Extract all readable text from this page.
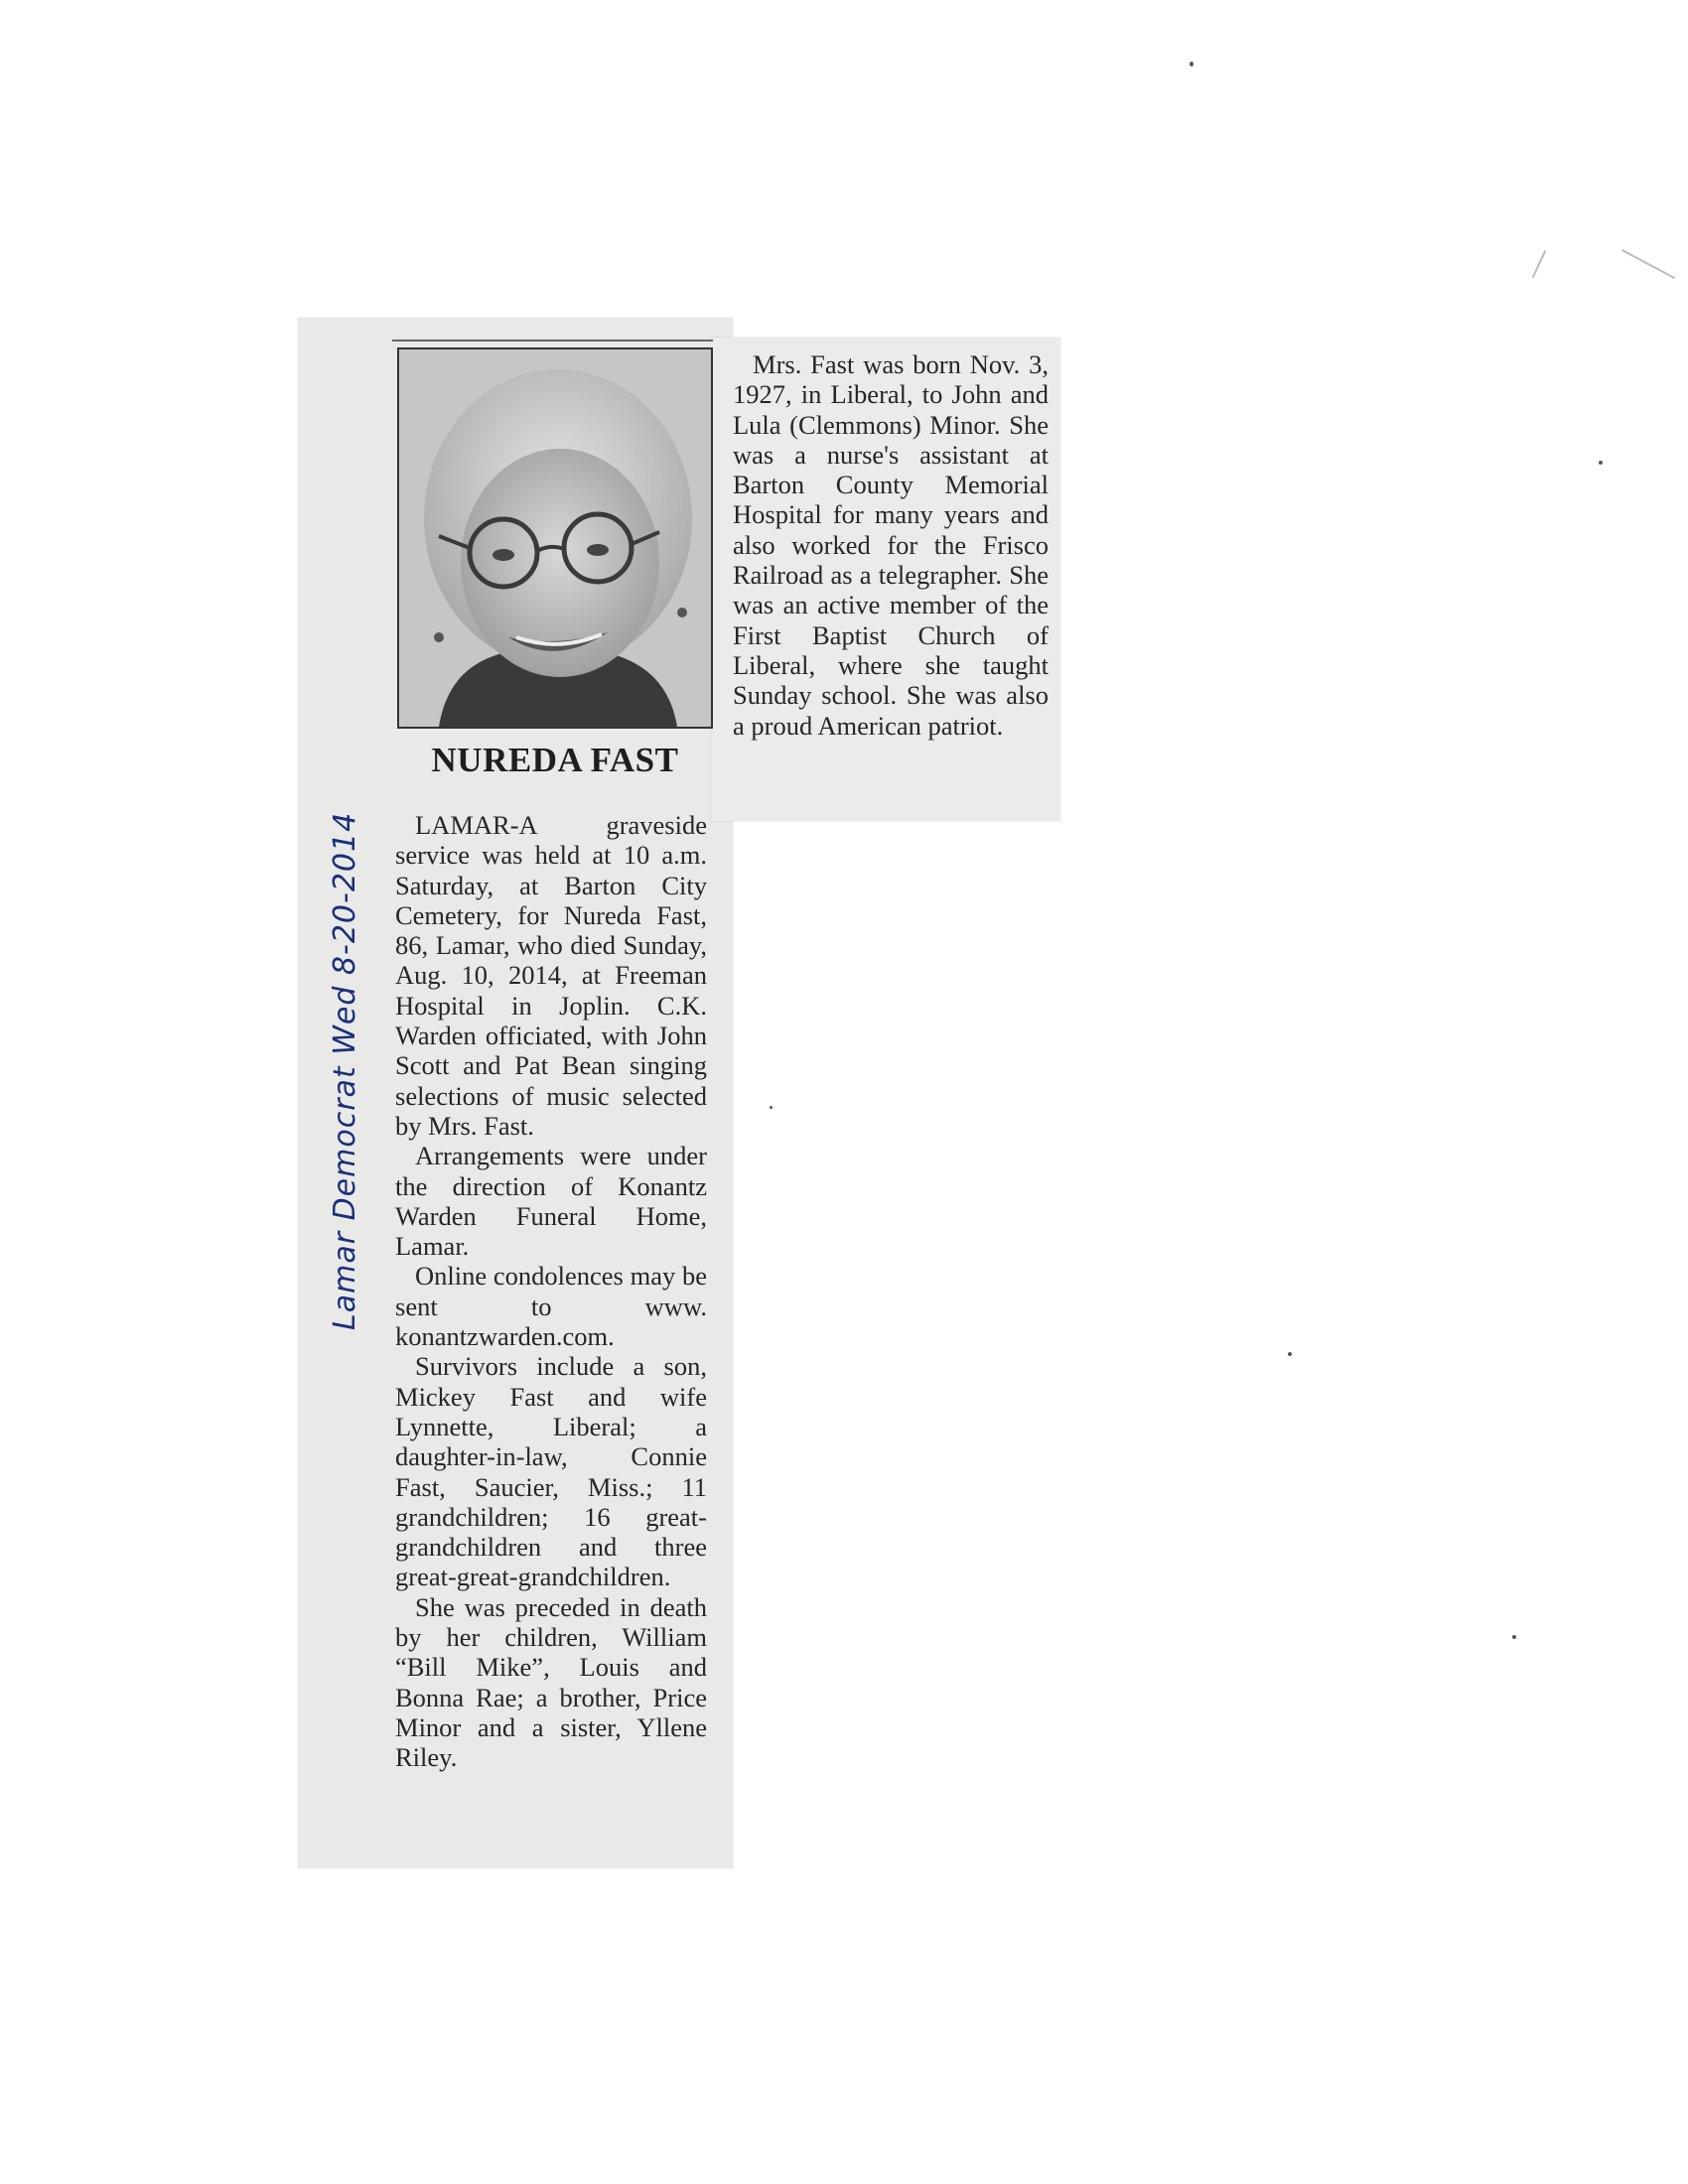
NUREDA FAST

LAMAR-A graveside service was held at 10 a.m. Saturday, at Barton City Cemetery, for Nureda Fast, 86, Lamar, who died Sunday, Aug. 10, 2014, at Freeman Hospital in Joplin. C.K. Warden officiated, with John Scott and Pat Bean singing selections of music selected by Mrs. Fast.

Arrangements were under the direction of Konantz Warden Funeral Home, Lamar.

Online condolences may be sent to www. konantzwarden.com.

Survivors include a son, Mickey Fast and wife Lynnette, Liberal; a daughter-in-law, Connie Fast, Saucier, Miss.; 11 grandchildren; 16 great-grandchildren and three great-great-grandchildren.

She was preceded in death by her children, William “Bill Mike”, Louis and Bonna Rae; a brother, Price Minor and a sister, Yllene Riley.

Mrs. Fast was born Nov. 3, 1927, in Liberal, to John and Lula (Clemmons) Minor. She was a nurse's assistant at Barton County Memorial Hospital for many years and also worked for the Frisco Railroad as a telegrapher. She was an active member of the First Baptist Church of Liberal, where she taught Sunday school. She was also a proud American patriot.

Lamar Democrat Wed 8-20-2014
